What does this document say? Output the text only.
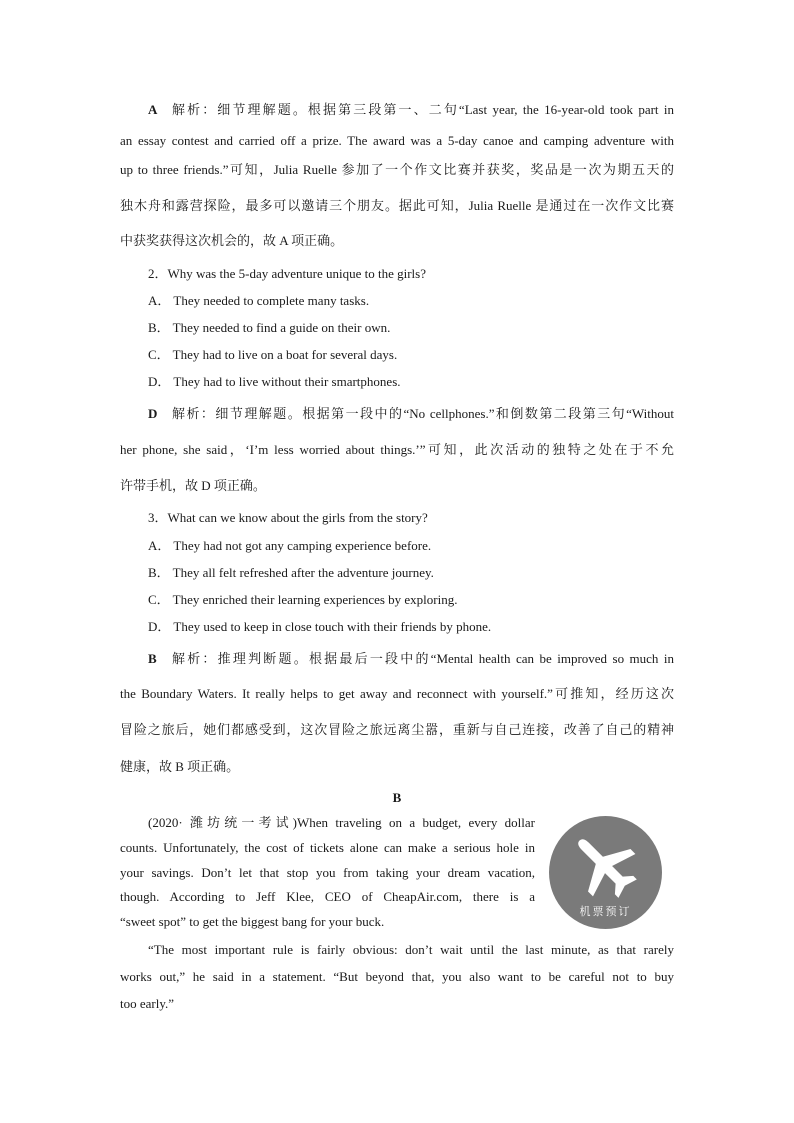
A 解析：细节理解题。根据第三段第一、二句“Last year, the 16-year-old took part in
an essay contest and carried off a prize. The award was a 5-day canoe and camping adventure with
up to three friends.”可知，Julia Ruelle 参加了一个作文比赛并获奖，奖品是一次为期五天的
独木舟和露营探险，最多可以邀请三个朋友。据此可知，Julia Ruelle 是通过在一次作文比赛
中获奖获得这次机会的，故 A 项正确。
2．Why was the 5-day adventure unique to the girls?
A． They needed to complete many tasks.
B． They needed to find a guide on their own.
C． They had to live on a boat for several days.
D． They had to live without their smartphones.
D 解析：细节理解题。根据第一段中的“No cellphones.”和倒数第二段第三句“Without
her phone, she said，‘I’m less worried about things.’”可知，此次活动的独特之处在于不允
许带手机，故 D 项正确。
3．What can we know about the girls from the story?
A． They had not got any camping experience before.
B． They all felt refreshed after the adventure journey.
C． They enriched their learning experiences by exploring.
D． They used to keep in close touch with their friends by phone.
B 解析：推理判断题。根据最后一段中的“Mental health can be improved so much in
the Boundary Waters. It really helps to get away and reconnect with yourself.”可推知，经历这次
冒险之旅后，她们都感受到，这次冒险之旅远离尘嚣，重新与自己连接，改善了自己的精神
健康，故 B 项正确。
B
(2020· 潍坊统一考试)When traveling on a budget, every dollar
counts. Unfortunately, the cost of tickets alone can make a serious hole in
your savings. Don’t let that stop you from taking your dream vacation,
though. According to Jeff Klee, CEO of CheapAir.com, there is a
“sweet spot” to get the biggest bang for your buck.
“The most important rule is fairly obvious: don’t wait until the last minute, as that rarely
works out,” he said in a statement. “But beyond that, you also want to be careful not to buy
too early.”
机票预订
